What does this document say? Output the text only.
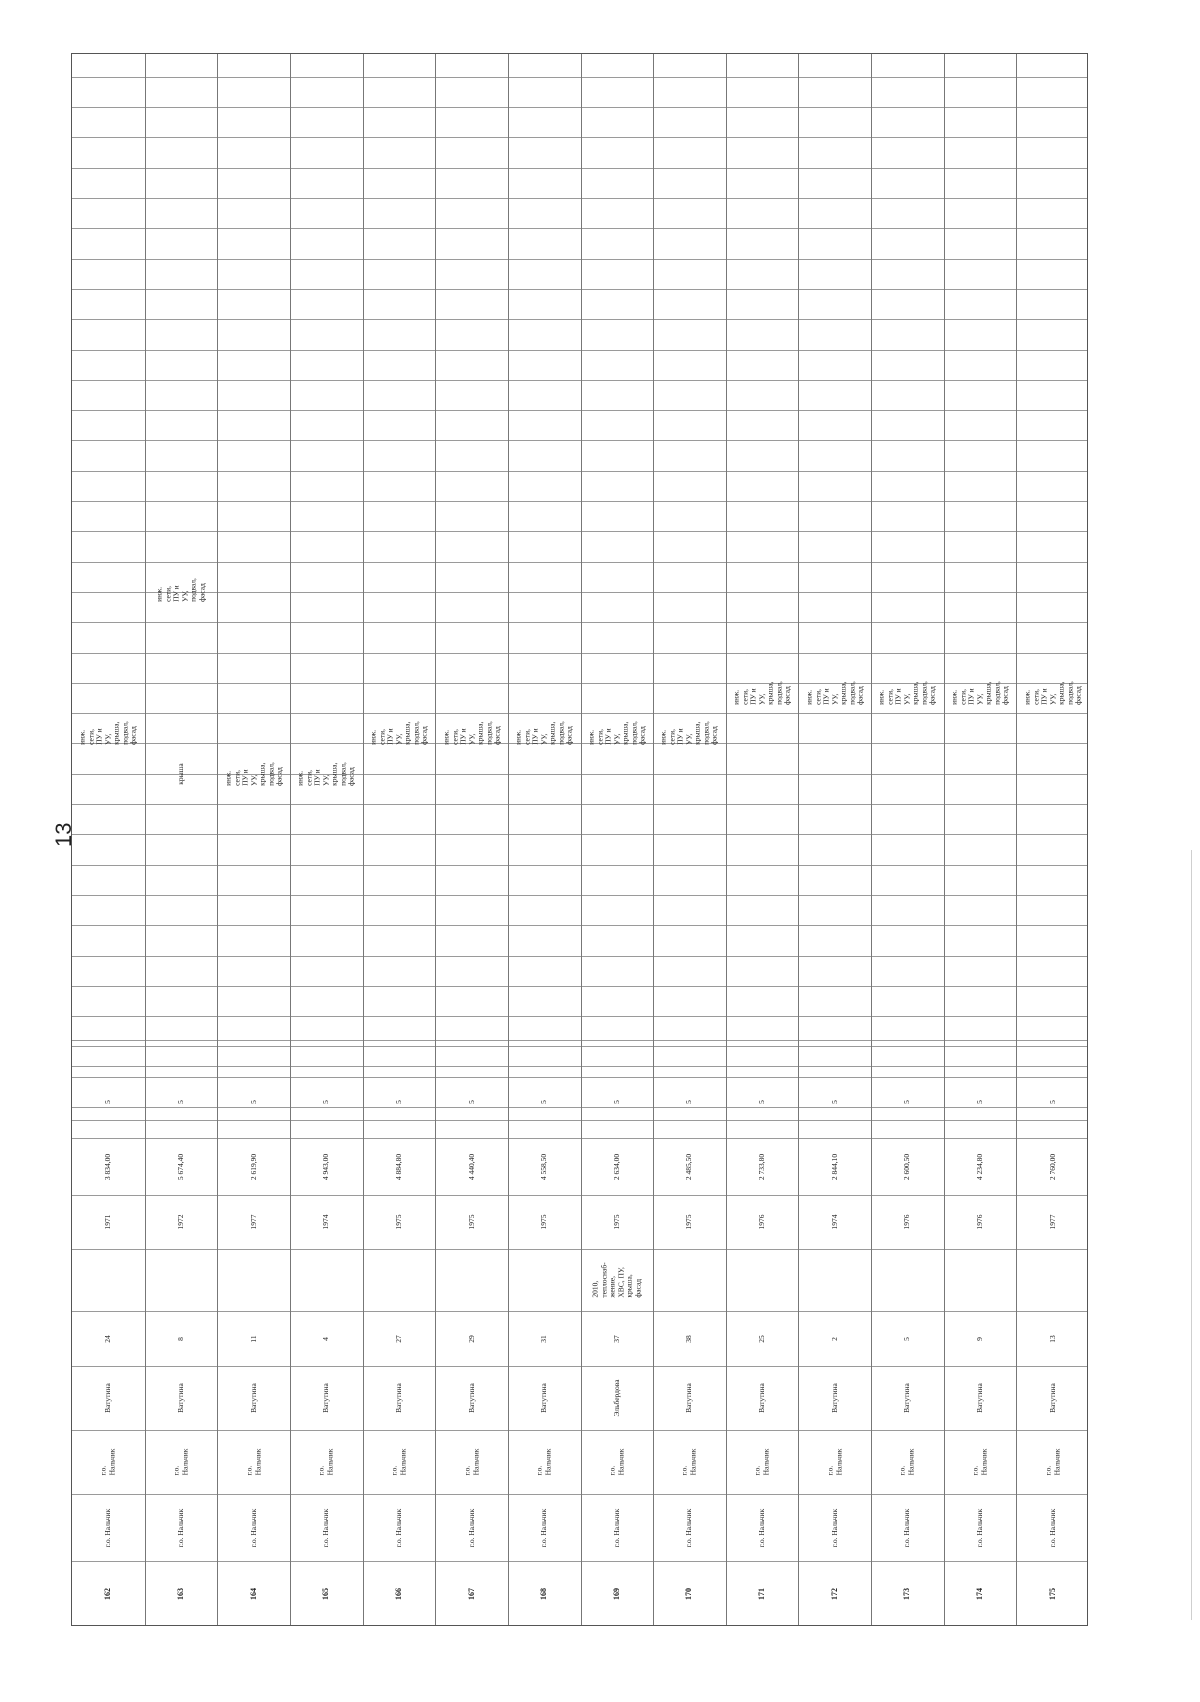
13
162
г.о. Нальчик
г.о.
Нальчик
Ватутина
24
1971
3 834,00
5
инж.
сети,
ПУ и
УУ,
крыша,
подвал,
фасад
163
г.о. Нальчик
г.о.
Нальчик
Ватутина
8
1972
5 674,40
5
крыша
инж.
сети,
ПУ и
УУ,
подвал,
фасад
164
г.о. Нальчик
г.о.
Нальчик
Ватутина
11
1977
2 619,90
5
инж.
сети,
ПУ и
УУ,
крыша,
подвал,
фасад
165
г.о. Нальчик
г.о.
Нальчик
Ватутина
4
1974
4 943,00
5
инж.
сети,
ПУ и
УУ,
крыша,
подвал,
фасад
166
г.о. Нальчик
г.о.
Нальчик
Ватутина
27
1975
4 884,80
5
инж.
сети,
ПУ и
УУ,
крыша,
подвал,
фасад
167
г.о. Нальчик
г.о.
Нальчик
Ватутина
29
1975
4 440,40
5
инж.
сети,
ПУ и
УУ,
крыша,
подвал,
фасад
168
г.о. Нальчик
г.о.
Нальчик
Ватутина
31
1975
4 558,50
5
инж.
сети,
ПУ и
УУ,
крыша,
подвал,
фасад
169
г.о. Нальчик
г.о.
Нальчик
Эльбердова
37
2010,
теплоснаб-
жение,
ХВС, ПУ,
крыша,
фасад
1975
2 634,00
5
инж.
сети,
ПУ и
УУ,
крыша,
подвал,
фасад
170
г.о. Нальчик
г.о.
Нальчик
Ватутина
38
1975
2 485,50
5
инж.
сети,
ПУ и
УУ,
крыша,
подвал,
фасад
171
г.о. Нальчик
г.о.
Нальчик
Ватутина
25
1976
2 733,80
5
инж.
сети,
ПУ и
УУ,
крыша,
подвал,
фасад
172
г.о. Нальчик
г.о.
Нальчик
Ватутина
2
1974
2 844,10
5
инж.
сети,
ПУ и
УУ,
крыша,
подвал,
фасад
173
г.о. Нальчик
г.о.
Нальчик
Ватутина
5
1976
2 600,50
5
инж.
сети,
ПУ и
УУ,
крыша,
подвал,
фасад
174
г.о. Нальчик
г.о.
Нальчик
Ватутина
9
1976
4 234,80
5
инж.
сети,
ПУ и
УУ,
крыша,
подвал,
фасад
175
г.о. Нальчик
г.о.
Нальчик
Ватутина
13
1977
2 760,00
5
инж.
сети,
ПУ и
УУ,
крыша,
подвал,
фасад
